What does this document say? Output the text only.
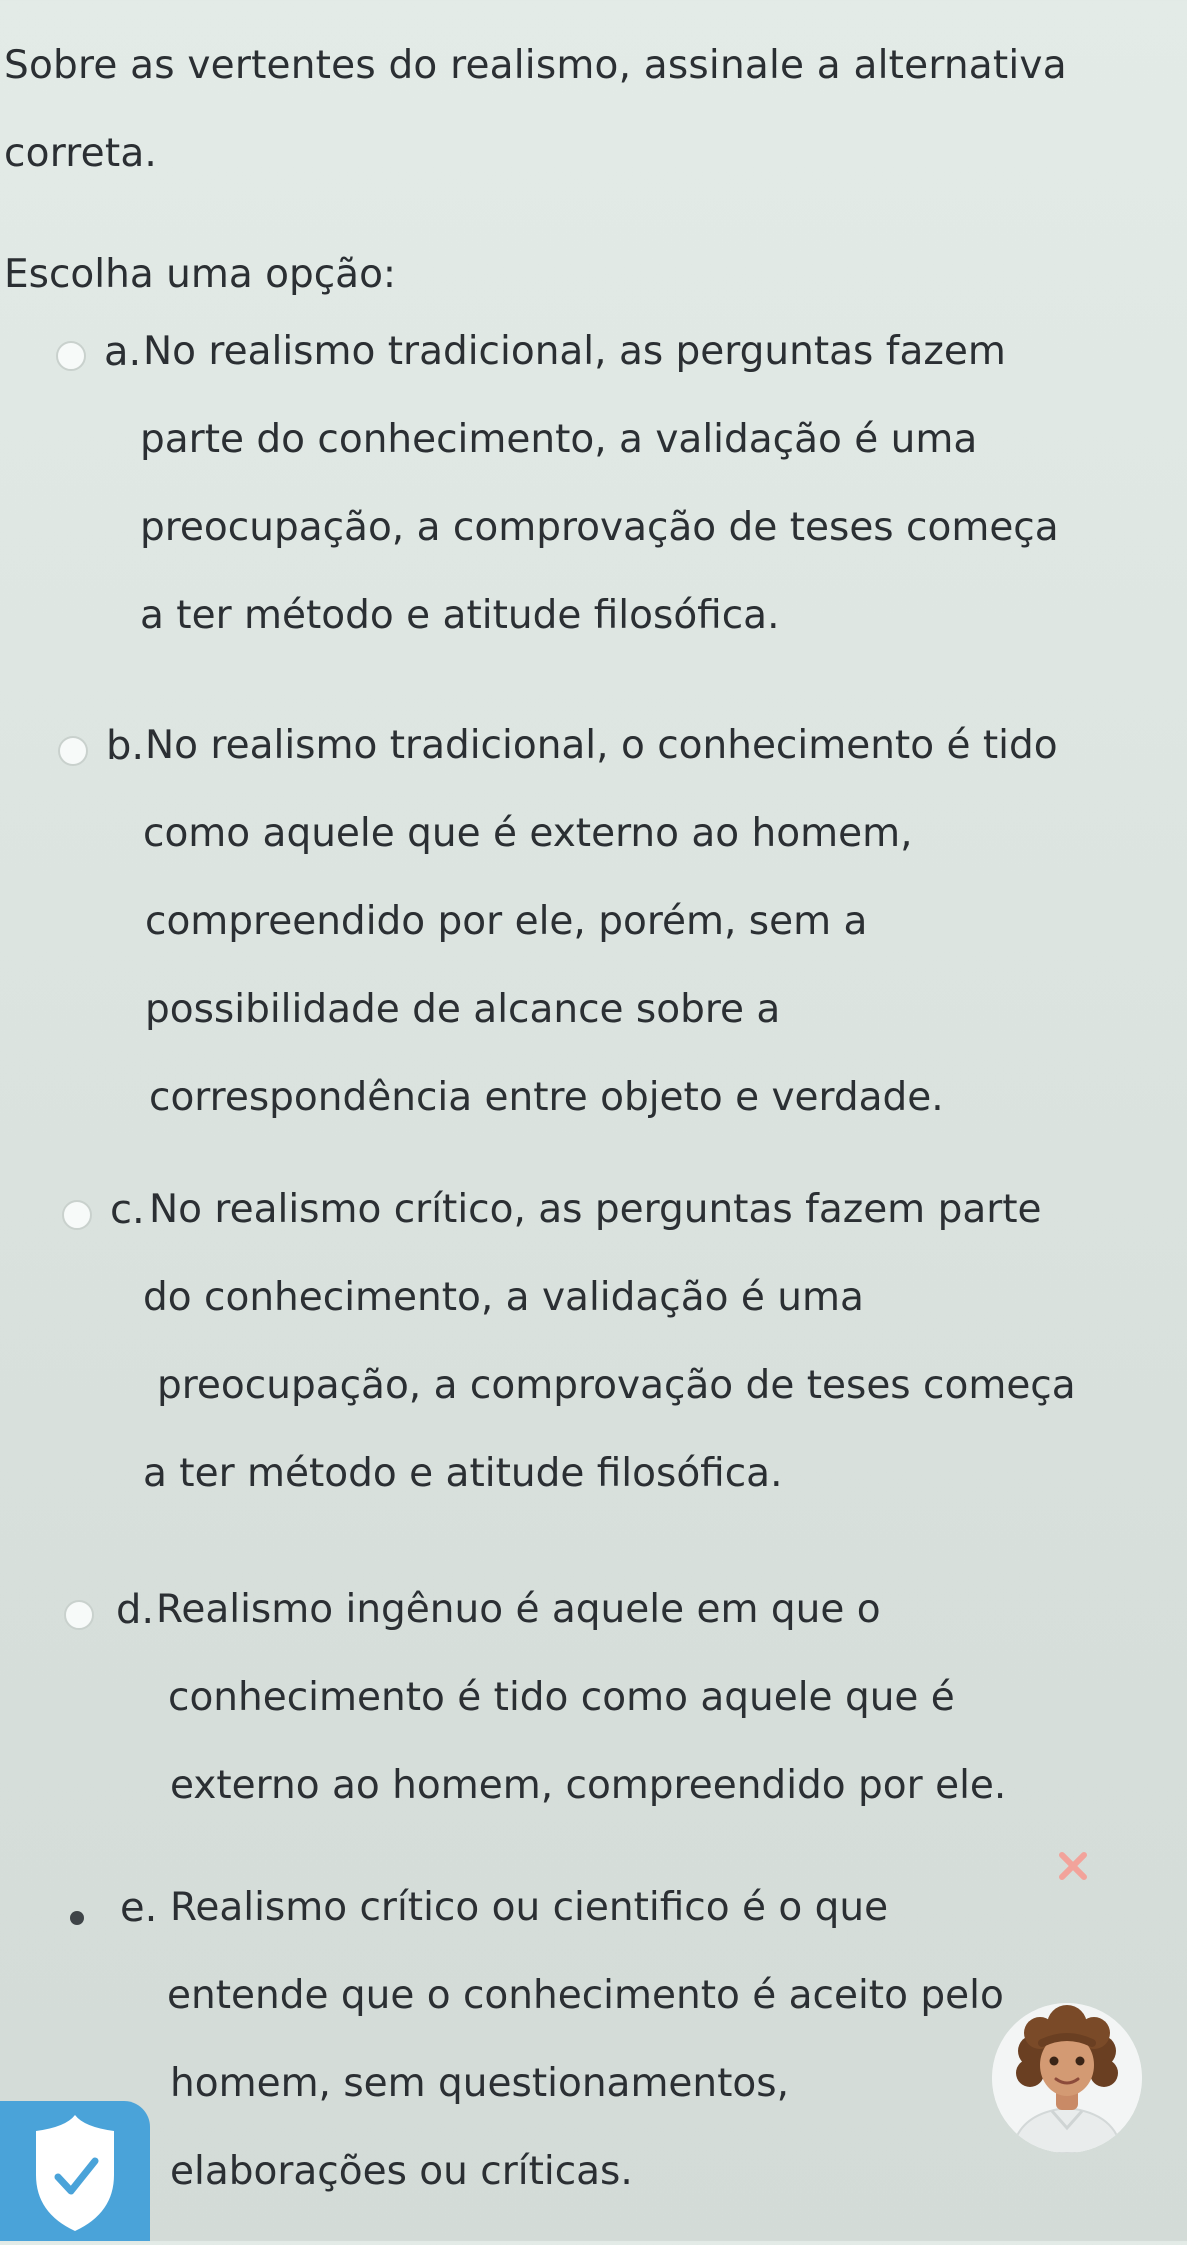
Sobre as vertentes do realismo, assinale a alternativa
correta.
Escolha uma opção:
a. No realismo tradicional, as perguntas fazem
parte do conhecimento, a validação é uma
preocupação, a comprovação de teses começa
a ter método e atitude filosófica.
b. No realismo tradicional, o conhecimento é tido
como aquele que é externo ao homem,
compreendido por ele, porém, sem a
possibilidade de alcance sobre a
correspondência entre objeto e verdade.
c. No realismo crítico, as perguntas fazem parte
do conhecimento, a validação é uma
preocupação, a comprovação de teses começa
a ter método e atitude filosófica.
d. Realismo ingênuo é aquele em que o
conhecimento é tido como aquele que é
externo ao homem, compreendido por ele.
e. Realismo crítico ou cientifico é o que
entende que o conhecimento é aceito pelo
homem, sem questionamentos,
elaborações ou críticas.
